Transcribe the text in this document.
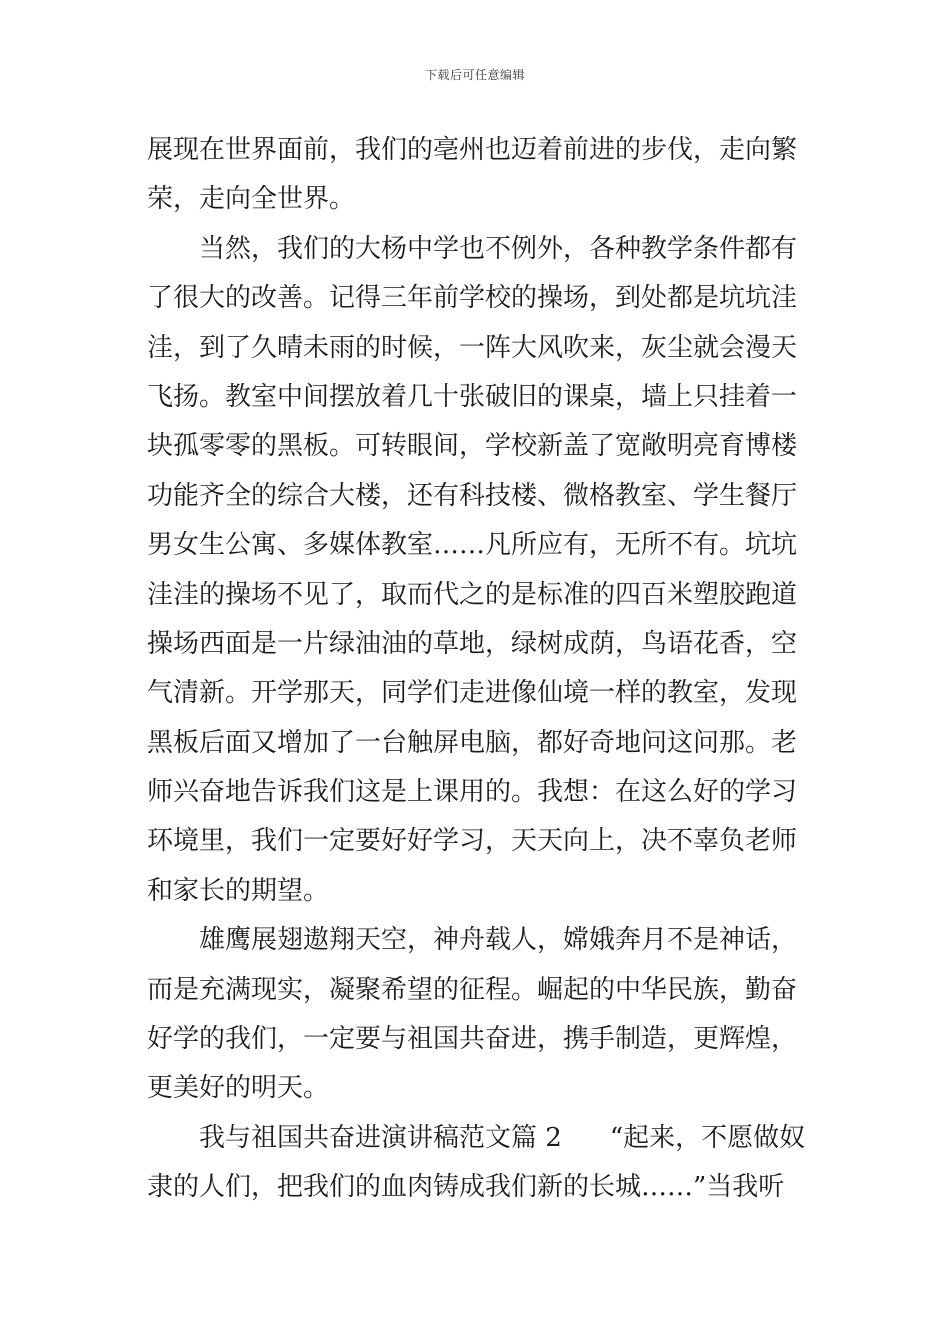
下载后可任意编辑
展现在世界面前，我们的亳州也迈着前进的步伐，走向繁
荣，走向全世界。
　　当然，我们的大杨中学也不例外，各种教学条件都有
了很大的改善。记得三年前学校的操场，到处都是坑坑洼
洼，到了久晴未雨的时候，一阵大风吹来，灰尘就会漫天
飞扬。教室中间摆放着几十张破旧的课桌，墙上只挂着一
块孤零零的黑板。可转眼间，学校新盖了宽敞明亮育博楼
功能齐全的综合大楼，还有科技楼、微格教室、学生餐厅
男女生公寓、多媒体教室……凡所应有，无所不有。坑坑
洼洼的操场不见了，取而代之的是标准的四百米塑胶跑道
操场西面是一片绿油油的草地，绿树成荫，鸟语花香，空
气清新。开学那天，同学们走进像仙境一样的教室，发现
黑板后面又增加了一台触屏电脑，都好奇地问这问那。老
师兴奋地告诉我们这是上课用的。我想：在这么好的学习
环境里，我们一定要好好学习，天天向上，决不辜负老师
和家长的期望。
　　雄鹰展翅遨翔天空，神舟载人，嫦娥奔月不是神话，
而是充满现实，凝聚希望的征程。崛起的中华民族，勤奋
好学的我们，一定要与祖国共奋进，携手制造，更辉煌，
更美好的明天。
　　我与祖国共奋进演讲稿范文篇 2 “起来，不愿做奴
隶的人们，把我们的血肉铸成我们新的长城……”当我听
